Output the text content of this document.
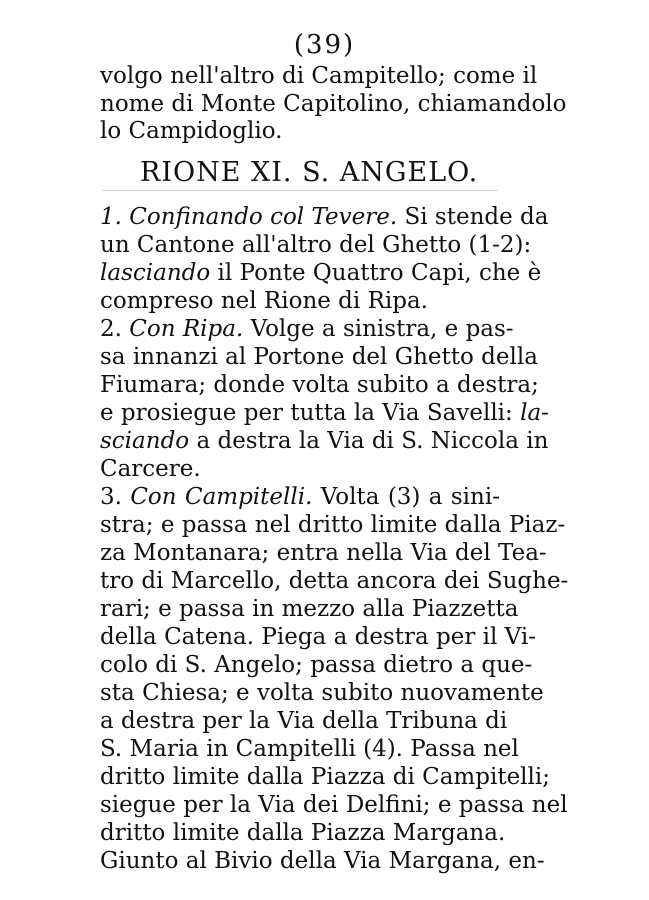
(39)
volgo nell'altro di Campitello; come il
nome di Monte Capitolino, chiamandolo
lo Campidoglio.
RIONE XI. S. ANGELO.
1. Confinando col Tevere. Si stende da
un Cantone all'altro del Ghetto (1-2):
lasciando il Ponte Quattro Capi, che è
compreso nel Rione di Ripa.
2. Con Ripa. Volge a sinistra, e pas-
sa innanzi al Portone del Ghetto della
Fiumara; donde volta subito a destra;
e prosiegue per tutta la Via Savelli: la-
sciando a destra la Via di S. Niccola in
Carcere.
3. Con Campitelli. Volta (3) a sini-
stra; e passa nel dritto limite dalla Piaz-
za Montanara; entra nella Via del Tea-
tro di Marcello, detta ancora dei Sughe-
rari; e passa in mezzo alla Piazzetta
della Catena. Piega a destra per il Vi-
colo di S. Angelo; passa dietro a que-
sta Chiesa; e volta subito nuovamente
a destra per la Via della Tribuna di
S. Maria in Campitelli (4). Passa nel
dritto limite dalla Piazza di Campitelli;
siegue per la Via dei Delfini; e passa nel
dritto limite dalla Piazza Margana.
Giunto al Bivio della Via Margana, en-
